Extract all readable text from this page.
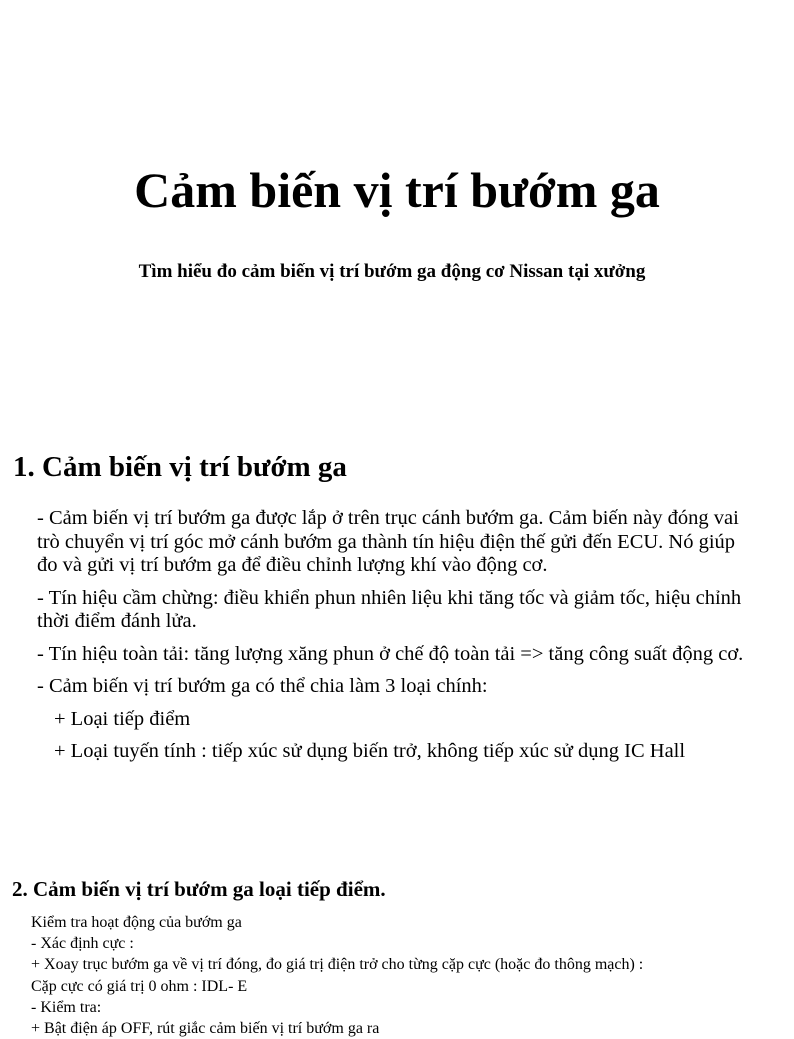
Cảm biến vị trí bướm ga
Tìm hiểu đo cảm biến vị trí bướm ga động cơ Nissan tại xưởng
1. Cảm biến vị trí bướm ga

- Cảm biến vị trí bướm ga được lắp ở trên trục cánh bướm ga. Cảm biến này đóng vai trò chuyển vị trí góc mở cánh bướm ga thành tín hiệu điện thế gửi đến ECU. Nó giúp đo và gửi vị trí bướm ga để điều chỉnh lượng khí vào động cơ.

- Tín hiệu cầm chừng: điều khiển phun nhiên liệu khi tăng tốc và giảm tốc, hiệu chỉnh thời điểm đánh lửa.

- Tín hiệu toàn tải: tăng lượng xăng phun ở chế độ toàn tải => tăng công suất động cơ.

- Cảm biến vị trí bướm ga có thể chia làm 3 loại chính:

+ Loại tiếp điểm
+ Loại tuyến tính : tiếp xúc sử dụng biến trở, không tiếp xúc sử dụng IC Hall
2. Cảm biến vị trí bướm ga loại tiếp điểm.
Kiểm tra hoạt động của bướm ga
- Xác định cực :
+ Xoay trục bướm ga về vị trí đóng, đo giá trị điện trở cho từng cặp cực (hoặc đo thông mạch) :
Cặp cực có giá trị 0 ohm : IDL- E
- Kiểm tra:
+ Bật điện áp OFF, rút giắc cảm biến vị trí bướm ga ra
